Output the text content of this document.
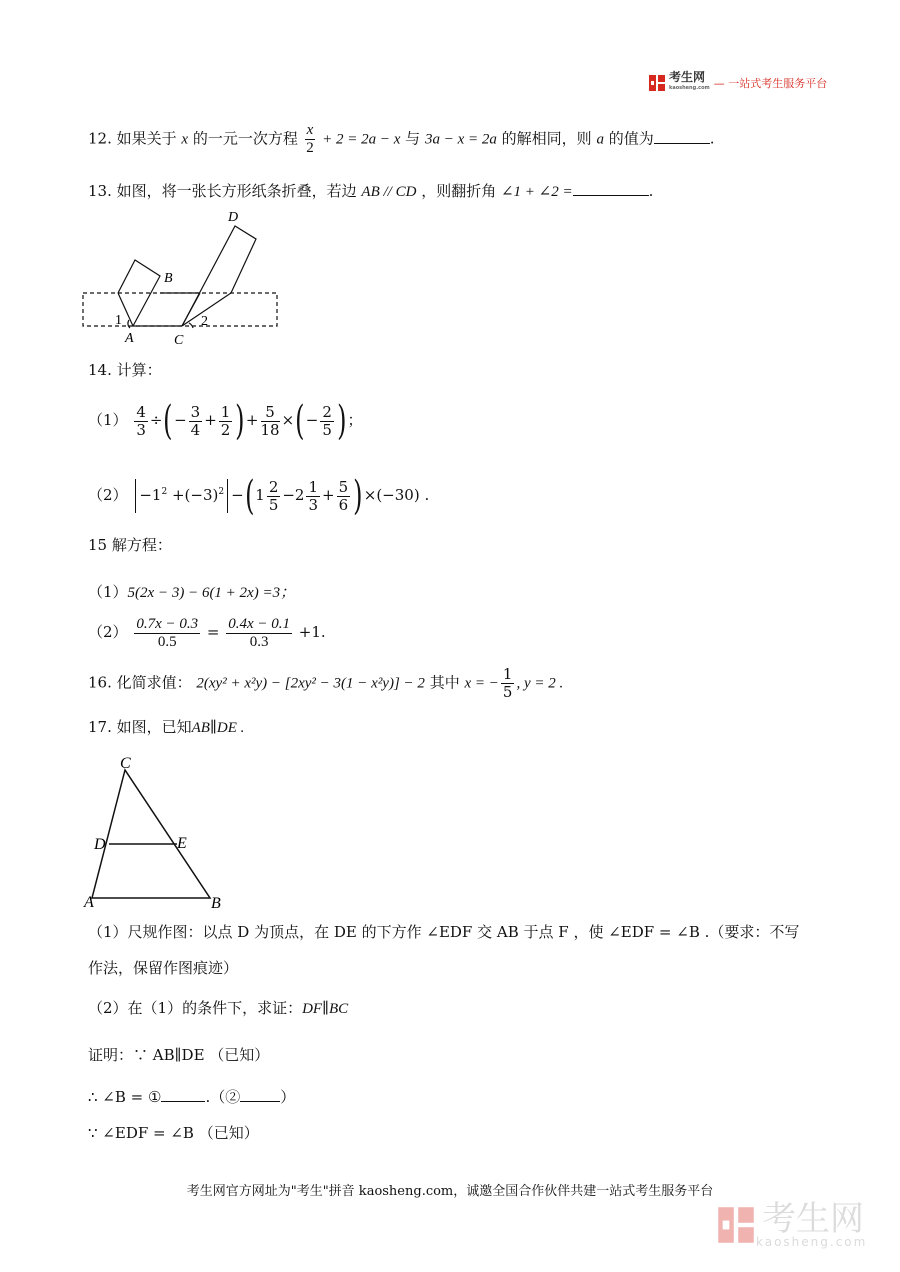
考生网
kaosheng.com — 一站式考生服务平台
12. 如果关于 x 的一元一次方程 $\frac{x}{2} + 2 = 2a - x$ 与 3a − x = 2a 的解相同，则 a 的值为	.
13. 如图，将一张长方形纸条折叠，若边 AB // CD ，则翻折角 ∠1 + ∠2 =	.
D
B
1	2
A	C
14. 计算：
$(1) \frac{4}{3}$ ÷(− $\frac{3}{4} + \frac{1}{2}$ )+ $\frac{5}{18}$ ×(− $\frac{2}{5}$ )；
$(2) -1^2 +(-3)^2 -(1 \frac{2}{5} -2 \frac{1}{3} + \frac{5}{6} )\times(-30)$ .
15 解方程：
（1）5(2x − 3) − 6(1 + 2x) =3；
$(2) \frac{0.7x - 0.3}{0.5} = \frac{0.4x - 0.1}{0.3} +1$.
16. 化简求值： 2(xy² + x²y) − [2xy² − 3(1 − x²y)] − 2 其中 x = − $\frac{1}{5}$ , y = 2 .
17. 如图，已知AB∥DE .
C
D	E
A	B
（1）尺规作图：以点 D 为顶点，在 DE 的下方作 ∠EDF 交 AB 于点 F ，使 ∠EDF = ∠B .（要求：不写
作法，保留作图痕迹）
（2）在（1）的条件下，求证：DF∥BC
证明：∵ AB∥DE （已知）
∴ ∠B = ①	.（②	）
∵ ∠EDF = ∠B （已知）
考生网官方网址为"考生"拼音 kaosheng.com，诚邀全国合作伙伴共建一站式考生服务平台
考生网
kaosheng.com
